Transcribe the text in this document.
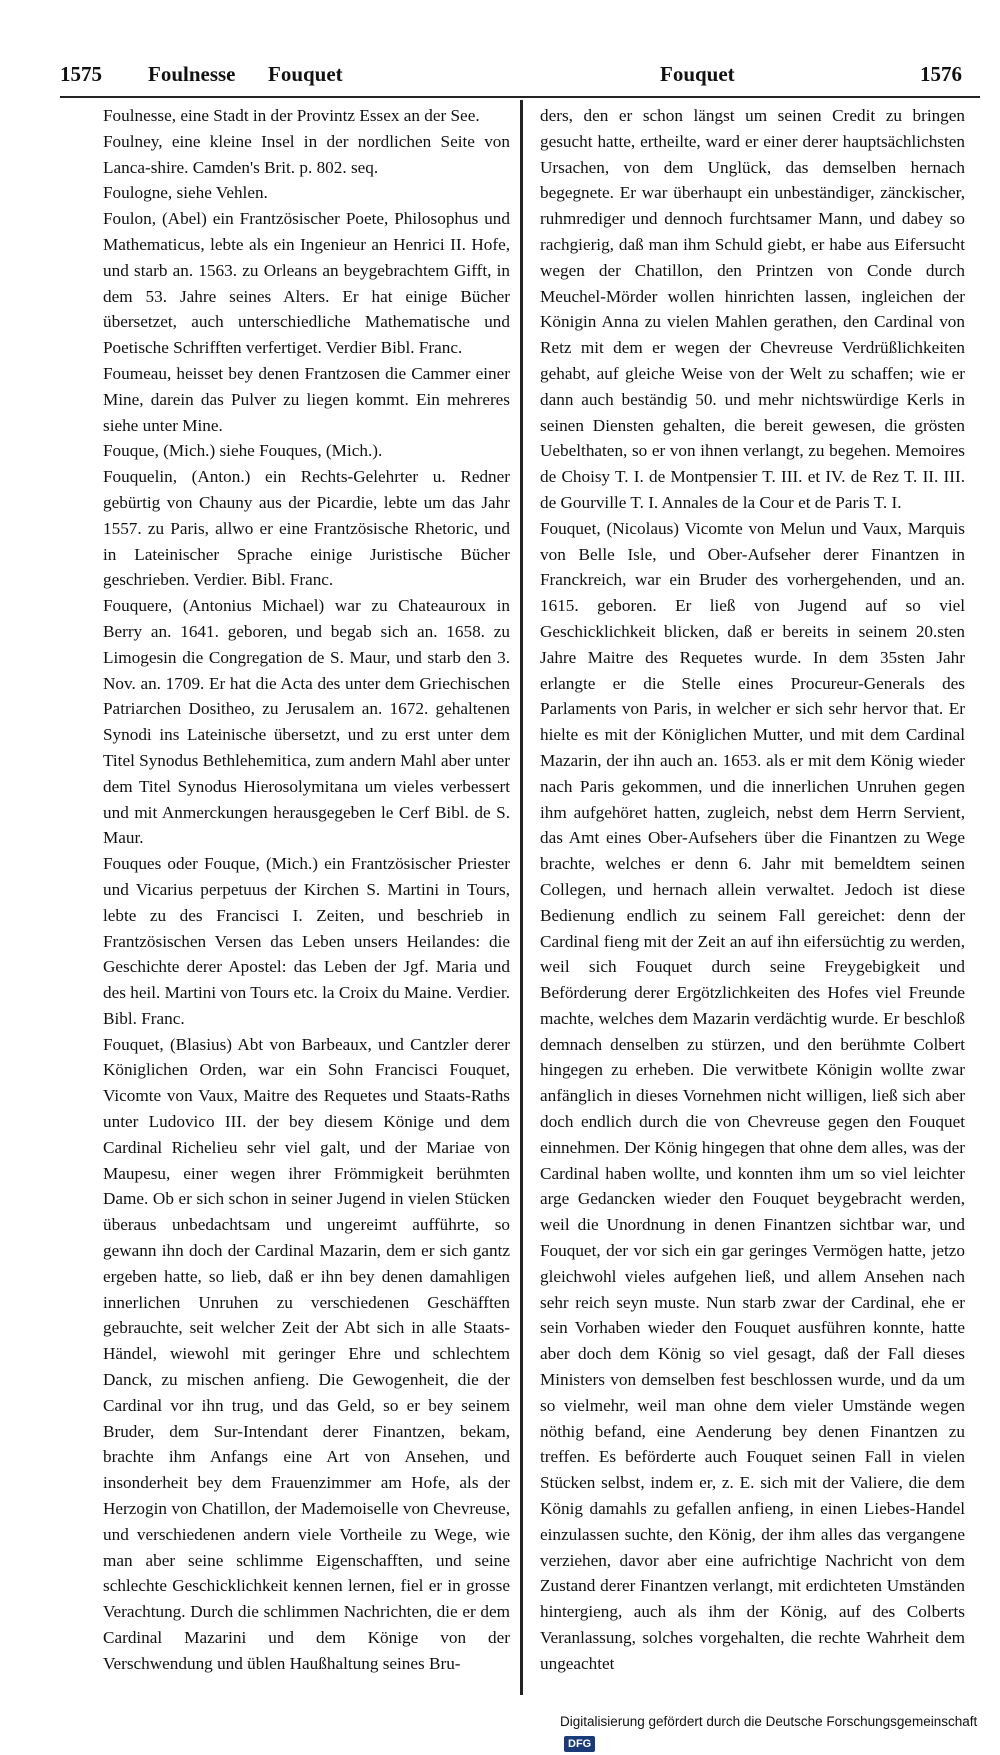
1575 Foulnesse Fouquet	Fouquet	1576

Foulnesse, eine Stadt in der Provintz Essex an der See.

Foulney, eine kleine Insel in der nordlichen Seite von Lanca-shire. Camden's Brit. p. 802. seq.

Foulogne, siehe Vehlen.

Foulon, (Abel) ein Frantzösischer Poete, Philosophus und Mathematicus, lebte als ein Ingenieur an Henrici II. Hofe, und starb an. 1563. zu Orleans an beygebrachtem Gifft, in dem 53. Jahre seines Alters. Er hat einige Bücher übersetzet, auch unterschiedliche Mathematische und Poetische Schrifften verfertiget. Verdier Bibl. Franc.

Foumeau, heisset bey denen Frantzosen die Cammer einer Mine, darein das Pulver zu liegen kommt. Ein mehreres siehe unter Mine.

Fouque, (Mich.) siehe Fouques, (Mich.).

Fouquelin, (Anton.) ein Rechts-Gelehrter u. Redner gebürtig von Chauny aus der Picardie, lebte um das Jahr 1557. zu Paris, allwo er eine Frantzösische Rhetoric, und in Lateinischer Sprache einige Juristische Bücher geschrieben. Verdier. Bibl. Franc.

Fouquere, (Antonius Michael) war zu Chateauroux in Berry an. 1641. geboren, und begab sich an. 1658. zu Limogesin die Congregation de S. Maur, und starb den 3. Nov. an. 1709. Er hat die Acta des unter dem Griechischen Patriarchen Dositheo, zu Jerusalem an. 1672. gehaltenen Synodi ins Lateinische übersetzt, und zu erst unter dem Titel Synodus Bethlehemitica, zum andern Mahl aber unter dem Titel Synodus Hierosolymitana um vieles verbessert und mit Anmerckungen herausgegeben le Cerf Bibl. de S. Maur.

Fouques oder Fouque, (Mich.) ein Frantzösischer Priester und Vicarius perpetuus der Kirchen S. Martini in Tours, lebte zu des Francisci I. Zeiten, und beschrieb in Frantzösischen Versen das Leben unsers Heilandes: die Geschichte derer Apostel: das Leben der Jgf. Maria und des heil. Martini von Tours etc. la Croix du Maine. Verdier. Bibl. Franc.

Fouquet, (Blasius) Abt von Barbeaux, und Cantzler derer Königlichen Orden, war ein Sohn Francisci Fouquet, Vicomte von Vaux, Maitre des Requetes und Staats-Raths unter Ludovico III. der bey diesem Könige und dem Cardinal Richelieu sehr viel galt, und der Mariae von Maupesu, einer wegen ihrer Frömmigkeit berühmten Dame. Ob er sich schon in seiner Jugend in vielen Stücken überaus unbedachtsam und ungereimt aufführte, so gewann ihn doch der Cardinal Mazarin, dem er sich gantz ergeben hatte, so lieb, daß er ihn bey denen damahligen innerlichen Unruhen zu verschiedenen Geschäfften gebrauchte, seit welcher Zeit der Abt sich in alle Staats-Händel, wiewohl mit geringer Ehre und schlechtem Danck, zu mischen anfieng. Die Gewogenheit, die der Cardinal vor ihn trug, und das Geld, so er bey seinem Bruder, dem Sur-Intendant derer Finantzen, bekam, brachte ihm Anfangs eine Art von Ansehen, und insonderheit bey dem Frauenzimmer am Hofe, als der Herzogin von Chatillon, der Mademoiselle von Chevreuse, und verschiedenen andern viele Vortheile zu Wege, wie man aber seine schlimme Eigenschafften, und seine schlechte Geschicklichkeit kennen lernen, fiel er in grosse Verachtung. Durch die schlimmen Nachrichten, die er dem Cardinal Mazarini und dem Könige von der Verschwendung und üblen Haußhaltung seines Bru-

ders, den er schon längst um seinen Credit zu bringen gesucht hatte, ertheilte, ward er einer derer hauptsächlichsten Ursachen, von dem Unglück, das demselben hernach begegnete. Er war überhaupt ein unbeständiger, zänckischer, ruhmrediger und dennoch furchtsamer Mann, und dabey so rachgierig, daß man ihm Schuld giebt, er habe aus Eifersucht wegen der Chatillon, den Printzen von Conde durch Meuchel-Mörder wollen hinrichten lassen, ingleichen der Königin Anna zu vielen Mahlen gerathen, den Cardinal von Retz mit dem er wegen der Chevreuse Verdrüßlichkeiten gehabt, auf gleiche Weise von der Welt zu schaffen; wie er dann auch beständig 50. und mehr nichtswürdige Kerls in seinen Diensten gehalten, die bereit gewesen, die grösten Uebelthaten, so er von ihnen verlangt, zu begehen. Memoires de Choisy T. I. de Montpensier T. III. et IV. de Rez T. II. III. de Gourville T. I. Annales de la Cour et de Paris T. I.

Fouquet, (Nicolaus) Vicomte von Melun und Vaux, Marquis von Belle Isle, und Ober-Aufseher derer Finantzen in Franckreich, war ein Bruder des vorhergehenden, und an. 1615. geboren. Er ließ von Jugend auf so viel Geschicklichkeit blicken, daß er bereits in seinem 20.sten Jahre Maitre des Requetes wurde. In dem 35sten Jahr erlangte er die Stelle eines Procureur-Generals des Parlaments von Paris, in welcher er sich sehr hervor that. Er hielte es mit der Königlichen Mutter, und mit dem Cardinal Mazarin, der ihn auch an. 1653. als er mit dem König wieder nach Paris gekommen, und die innerlichen Unruhen gegen ihm aufgehöret hatten, zugleich, nebst dem Herrn Servient, das Amt eines Ober-Aufsehers über die Finantzen zu Wege brachte, welches er denn 6. Jahr mit bemeldtem seinen Collegen, und hernach allein verwaltet. Jedoch ist diese Bedienung endlich zu seinem Fall gereichet: denn der Cardinal fieng mit der Zeit an auf ihn eifersüchtig zu werden, weil sich Fouquet durch seine Freygebigkeit und Beförderung derer Ergötzlichkeiten des Hofes viel Freunde machte, welches dem Mazarin verdächtig wurde. Er beschloß demnach denselben zu stürzen, und den berühmte Colbert hingegen zu erheben. Die verwitbete Königin wollte zwar anfänglich in dieses Vornehmen nicht willigen, ließ sich aber doch endlich durch die von Chevreuse gegen den Fouquet einnehmen. Der König hingegen that ohne dem alles, was der Cardinal haben wollte, und konnten ihm um so viel leichter arge Gedancken wieder den Fouquet beygebracht werden, weil die Unordnung in denen Finantzen sichtbar war, und Fouquet, der vor sich ein gar geringes Vermögen hatte, jetzo gleichwohl vieles aufgehen ließ, und allem Ansehen nach sehr reich seyn muste. Nun starb zwar der Cardinal, ehe er sein Vorhaben wieder den Fouquet ausführen konnte, hatte aber doch dem König so viel gesagt, daß der Fall dieses Ministers von demselben fest beschlossen wurde, und da um so vielmehr, weil man ohne dem vieler Umstände wegen nöthig befand, eine Aenderung bey denen Finantzen zu treffen. Es beförderte auch Fouquet seinen Fall in vielen Stücken selbst, indem er, z. E. sich mit der Valiere, die dem König damahls zu gefallen anfieng, in einen Liebes-Handel einzulassen suchte, den König, der ihm alles das vergangene verziehen, davor aber eine aufrichtige Nachricht von dem Zustand derer Finantzen verlangt, mit erdichteten Umständen hintergieng, auch als ihm der König, auf des Colberts Veranlassung, solches vorgehalten, die rechte Wahrheit dem ungeachtet

Digitalisierung gefördert durch die Deutsche Forschungsgemeinschaft DFG
